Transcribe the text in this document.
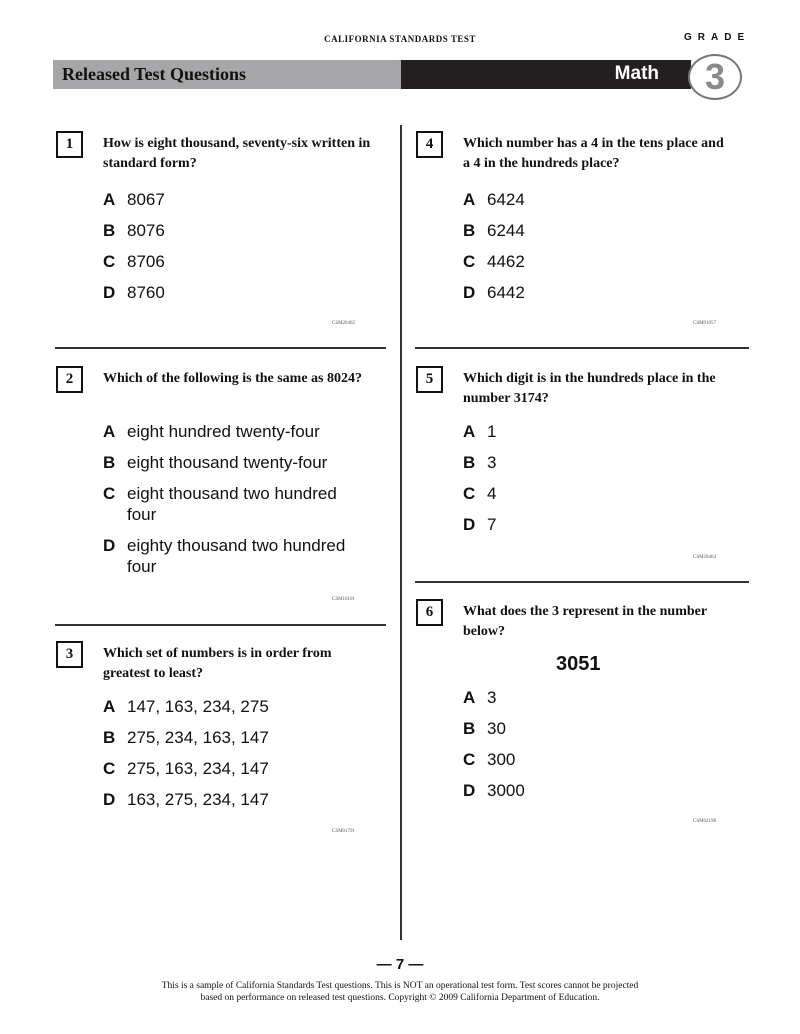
CALIFORNIA STANDARDS TEST	GRADE
Released Test Questions	Math	3
1	How is eight thousand, seventy-six written in standard form?
A 8067
B 8076
C 8706
D 8760
CSM20462
2	Which of the following is the same as 8024?
A eight hundred twenty-four
B eight thousand twenty-four
C eight thousand two hundred four
D eighty thousand two hundred four
CSM10101
3	Which set of numbers is in order from greatest to least?
A 147, 163, 234, 275
B 275, 234, 163, 147
C 275, 163, 234, 147
D 163, 275, 234, 147
CSM01791
4	Which number has a 4 in the tens place and a 4 in the hundreds place?
A 6424
B 6244
C 4462
D 6442
CSM01057
5	Which digit is in the hundreds place in the number 3174?
A 1
B 3
C 4
D 7
CSM20464
6	What does the 3 represent in the number below?
A 3
B 30
C 300
D 3000
CSM02198
3051
— 7 —
This is a sample of California Standards Test questions. This is NOT an operational test form. Test scores cannot be projected
based on performance on released test questions. Copyright © 2009 California Department of Education.
